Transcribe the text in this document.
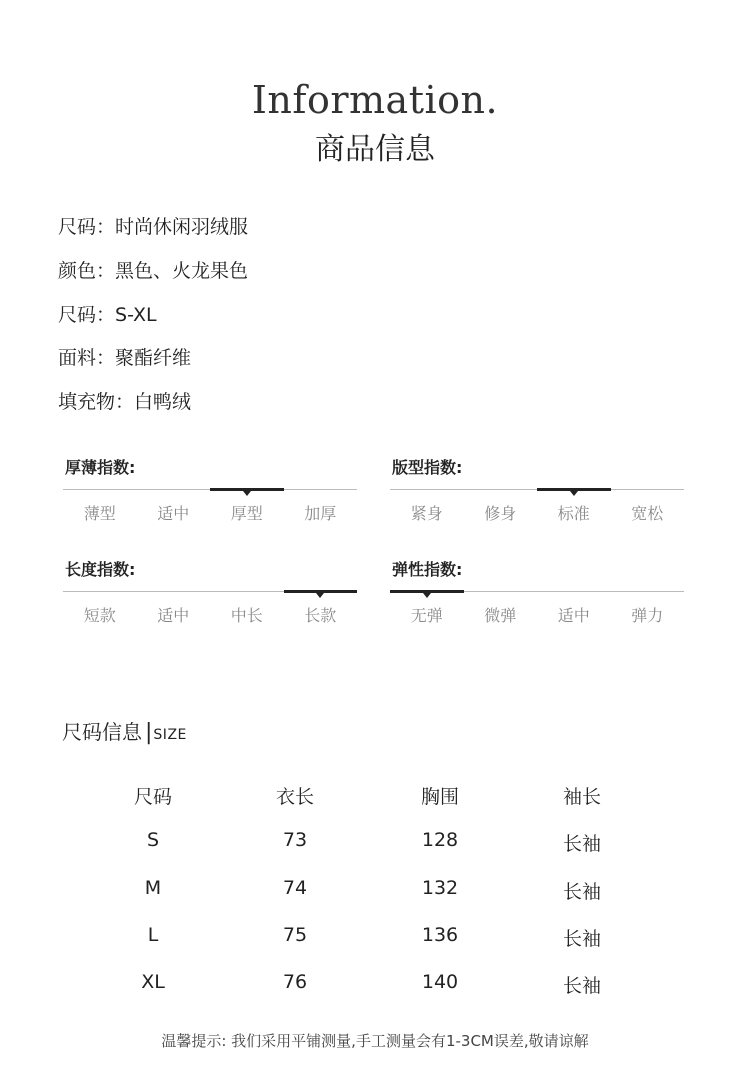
Information.
商品信息
尺码：时尚休闲羽绒服
颜色：黑色、火龙果色
尺码：S-XL
面料：聚酯纤维
填充物：白鸭绒
厚薄指数:
薄型	适中	厚型	加厚
版型指数:
紧身	修身	标准	宽松
长度指数:
短款	适中	中长	长款
弹性指数:
无弹	微弹	适中	弹力
尺码信息 |SIZE
尺码	衣长	胸围	袖长
S	73	128	长袖
M	74	132	长袖
L	75	136	长袖
XL	76	140	长袖
温馨提示: 我们采用平铺测量,手工测量会有1-3CM误差,敬请谅解
